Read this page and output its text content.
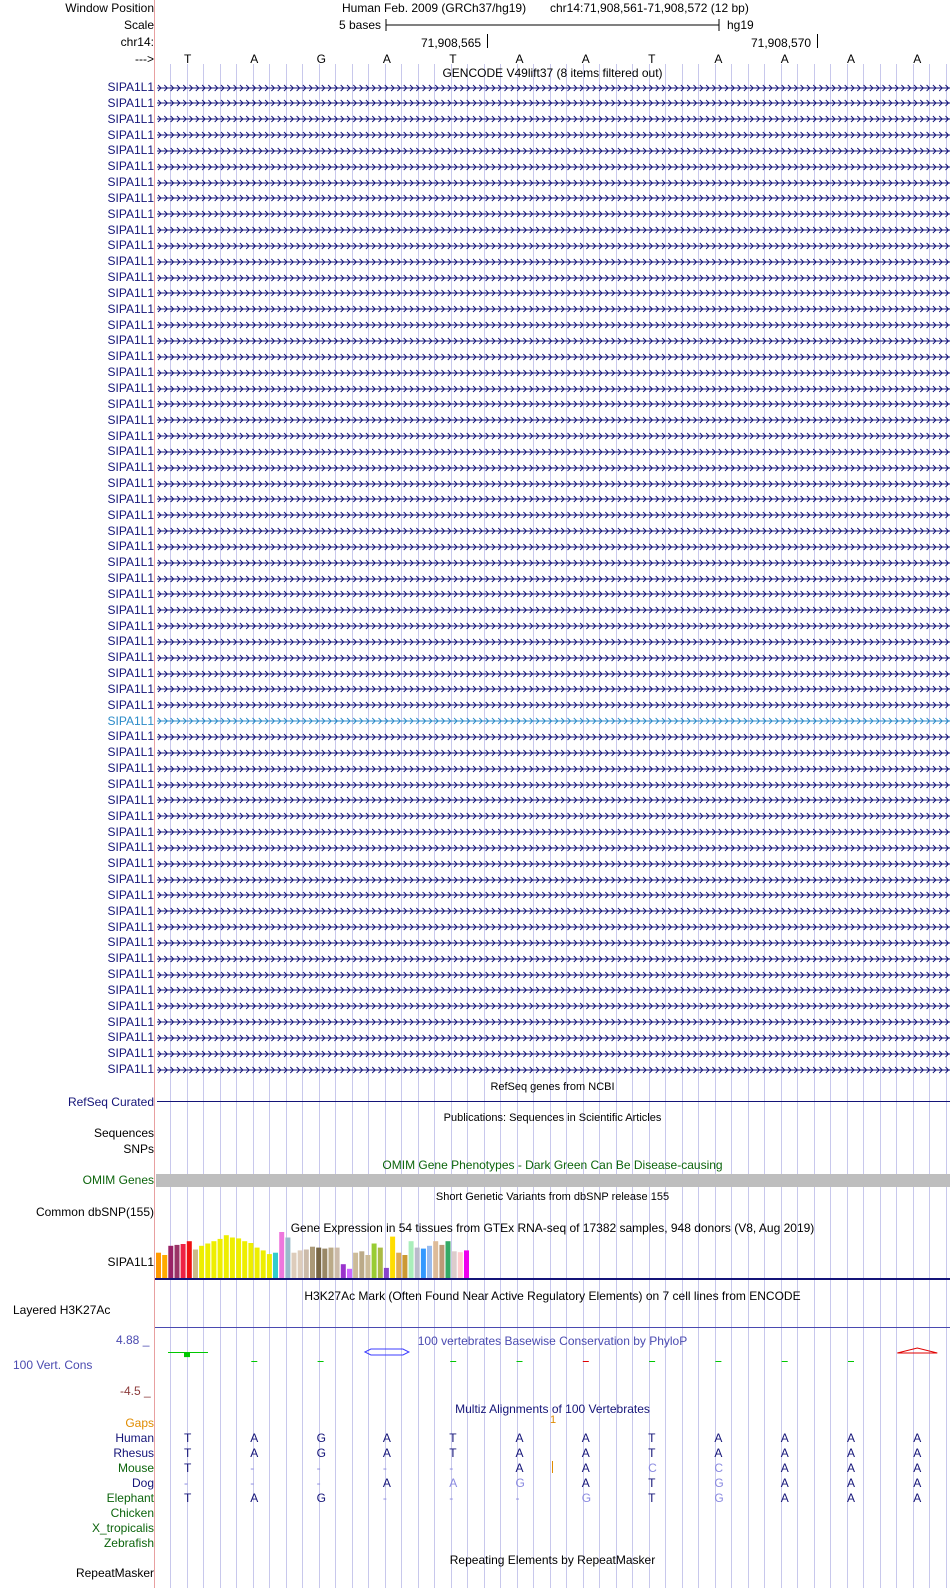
Window Position
Scale
chr14:
--->
Human Feb. 2009 (GRCh37/hg19) chr14:71,908,561-71,908,572 (12 bp)
5 bases	hg19
71,908,565	71,908,570
T	A	G	A	T	A	A	T	A	A	A	A
GENCODE V49lift37 (8 items filtered out)
SIPA1L1
SIPA1L1
SIPA1L1
SIPA1L1
SIPA1L1
SIPA1L1
SIPA1L1
SIPA1L1
SIPA1L1
SIPA1L1
SIPA1L1
SIPA1L1
SIPA1L1
SIPA1L1
SIPA1L1
SIPA1L1
SIPA1L1
SIPA1L1
SIPA1L1
SIPA1L1
SIPA1L1
SIPA1L1
SIPA1L1
SIPA1L1
SIPA1L1
SIPA1L1
SIPA1L1
SIPA1L1
SIPA1L1
SIPA1L1
SIPA1L1
SIPA1L1
SIPA1L1
SIPA1L1
SIPA1L1
SIPA1L1
SIPA1L1
SIPA1L1
SIPA1L1
SIPA1L1
SIPA1L1
SIPA1L1
SIPA1L1
SIPA1L1
SIPA1L1
SIPA1L1
SIPA1L1
SIPA1L1
SIPA1L1
SIPA1L1
SIPA1L1
SIPA1L1
SIPA1L1
SIPA1L1
SIPA1L1
SIPA1L1
SIPA1L1
SIPA1L1
SIPA1L1
SIPA1L1
SIPA1L1
SIPA1L1
SIPA1L1
RefSeq genes from NCBI
RefSeq Curated
Publications: Sequences in Scientific Articles
Sequences
SNPs
OMIM Gene Phenotypes - Dark Green Can Be Disease-causing
OMIM Genes
Short Genetic Variants from dbSNP release 155
Common dbSNP(155)
Gene Expression in 54 tissues from GTEx RNA-seq of 17382 samples, 948 donors (V8, Aug 2019)
SIPA1L1
H3K27Ac Mark (Often Found Near Active Regulatory Elements) on 7 cell lines from ENCODE
Layered H3K27Ac
100 vertebrates Basewise Conservation by PhyloP
4.88 _
100 Vert. Cons
-4.5 _
Multiz Alignments of 100 Vertebrates
Gaps	1
Human	T	A	G	A	T	A	A	T	A	A	A	A
Rhesus	T	A	G	A	T	A	A	T	A	A	A	A
Mouse	T	-	-	-	-	A	A	C	C	A	A	A
Dog	-	-	-	A	A	G	A	T	G	A	A	A
Elephant	T	A	G	-	-	-	G	T	G	A	A	A
Chicken
X_tropicalis
Zebrafish
Repeating Elements by RepeatMasker
RepeatMasker
